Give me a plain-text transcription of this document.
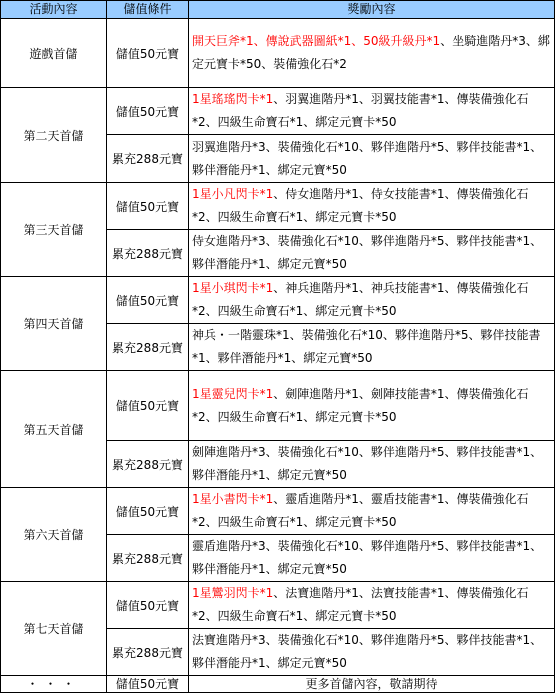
活動內容	儲值條件	獎勵內容
遊戲首儲	儲值50元寶	開天巨斧*1、傳說武器圖紙*1、50級升級丹*1、坐騎進階丹*3、綁定元寶卡*50、裝備強化石*2
第二天首儲	儲值50元寶	1星瑤瑤閃卡*1、羽翼進階丹*1、羽翼技能書*1、傳裝備強化石*2、四級生命寶石*1、綁定元寶卡*50
	累充288元寶	羽翼進階丹*3、裝備強化石*10、夥伴進階丹*5、夥伴技能書*1、夥伴潛能丹*1、綁定元寶*50
第三天首儲	儲值50元寶	1星小凡閃卡*1、侍女進階丹*1、侍女技能書*1、傳裝備強化石*2、四級生命寶石*1、綁定元寶卡*50
	累充288元寶	侍女進階丹*3、裝備強化石*10、夥伴進階丹*5、夥伴技能書*1、夥伴潛能丹*1、綁定元寶*50
第四天首儲	儲值50元寶	1星小琪閃卡*1、神兵進階丹*1、神兵技能書*1、傳裝備強化石*2、四級生命寶石*1、綁定元寶卡*50
	累充288元寶	神兵・一階靈珠*1、裝備強化石*10、夥伴進階丹*5、夥伴技能書*1、夥伴潛能丹*1、綁定元寶*50
第五天首儲	儲值50元寶	1星靈兒閃卡*1、劍陣進階丹*1、劍陣技能書*1、傳裝備強化石*2、四級生命寶石*1、綁定元寶卡*50
	累充288元寶	劍陣進階丹*3、裝備強化石*10、夥伴進階丹*5、夥伴技能書*1、夥伴潛能丹*1、綁定元寶*50
第六天首儲	儲值50元寶	1星小書閃卡*1、靈盾進階丹*1、靈盾技能書*1、傳裝備強化石*2、四級生命寶石*1、綁定元寶卡*50
	累充288元寶	靈盾進階丹*3、裝備強化石*10、夥伴進階丹*5、夥伴技能書*1、夥伴潛能丹*1、綁定元寶*50
第七天首儲	儲值50元寶	1星鸞羽閃卡*1、法寶進階丹*1、法寶技能書*1、傳裝備強化石*2、四級生命寶石*1、綁定元寶卡*50
	累充288元寶	法寶進階丹*3、裝備強化石*10、夥伴進階丹*5、夥伴技能書*1、夥伴潛能丹*1、綁定元寶*50
・・・	儲值50元寶	更多首儲內容，敬請期待
